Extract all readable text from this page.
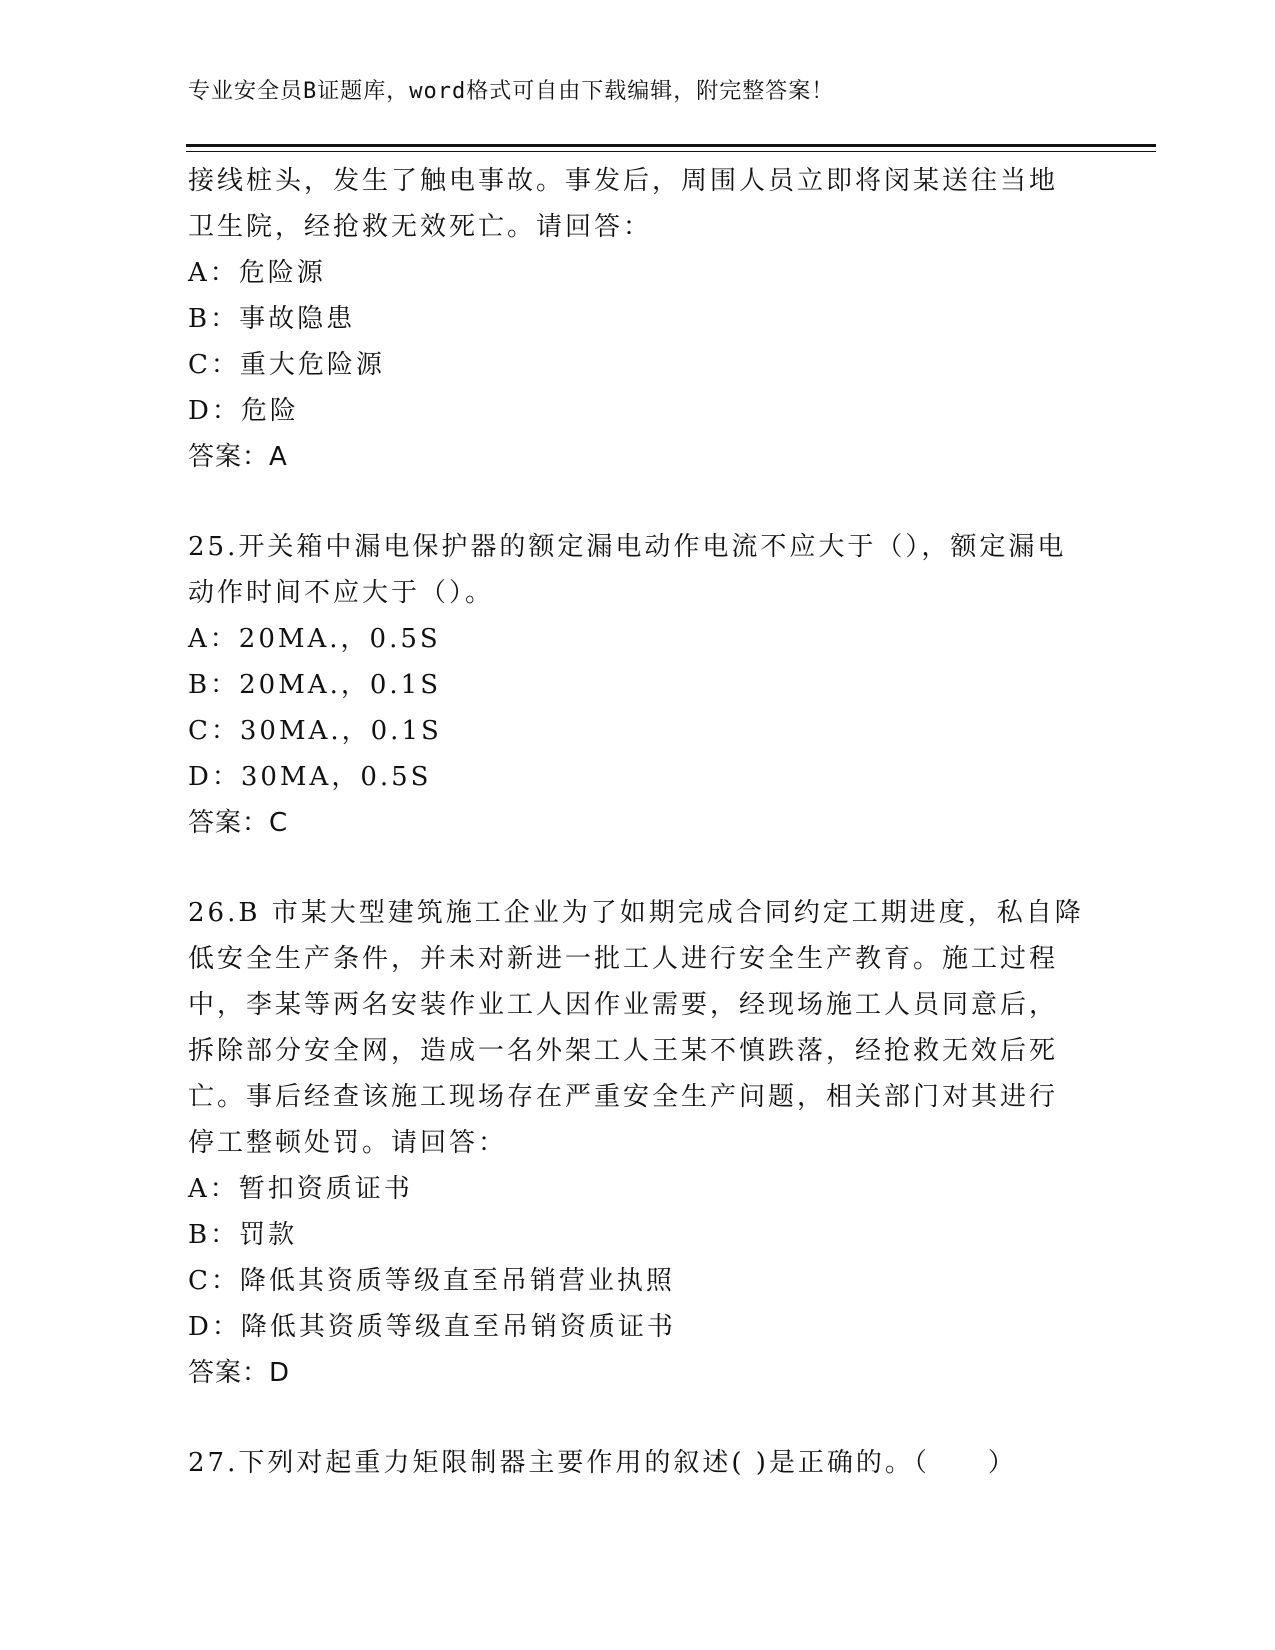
专业安全员B证题库，word格式可自由下载编辑，附完整答案！
接线桩头，发生了触电事故。事发后，周围人员立即将闵某送往当地
卫生院，经抢救无效死亡。请回答：
A：危险源
B：事故隐患
C：重大危险源
D：危险
答案：A
25.开关箱中漏电保护器的额定漏电动作电流不应大于（），额定漏电
动作时间不应大于（）。
A：20MA.，0.5S
B：20MA.，0.1S
C：30MA.，0.1S
D：30MA，0.5S
答案：C
26.B 市某大型建筑施工企业为了如期完成合同约定工期进度，私自降
低安全生产条件，并未对新进一批工人进行安全生产教育。施工过程
中，李某等两名安装作业工人因作业需要，经现场施工人员同意后，
拆除部分安全网，造成一名外架工人王某不慎跌落，经抢救无效后死
亡。事后经查该施工现场存在严重安全生产问题，相关部门对其进行
停工整顿处罚。请回答：
A：暂扣资质证书
B：罚款
C：降低其资质等级直至吊销营业执照
D：降低其资质等级直至吊销资质证书
答案：D
27.下列对起重力矩限制器主要作用的叙述( )是正确的。（　　）
